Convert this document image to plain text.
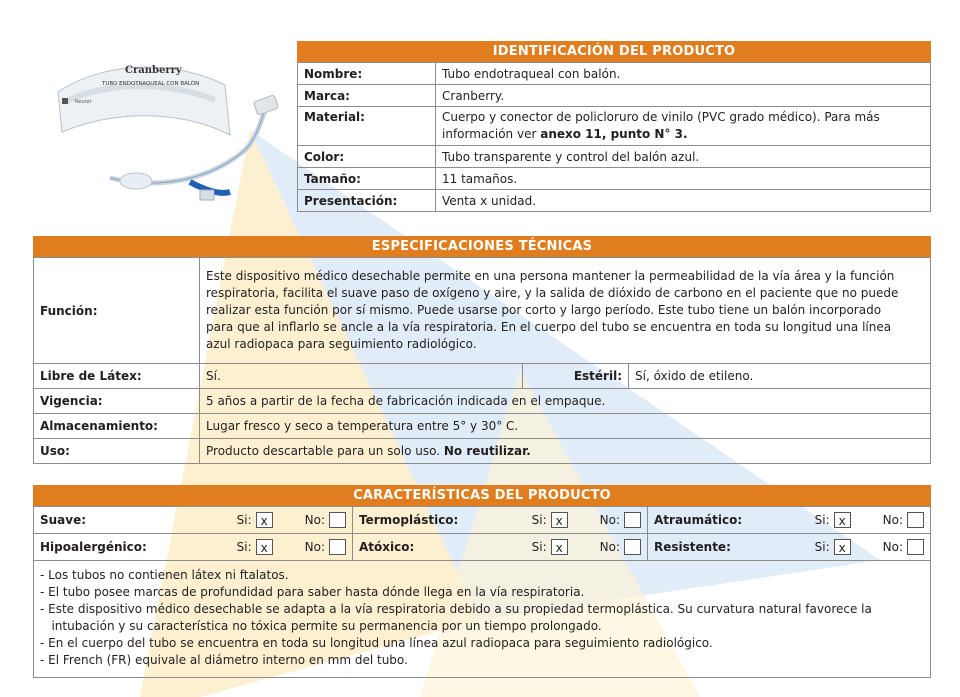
Cranberry
TUBO ENDOTRAQUEAL CON BALÓN
Reuter
IDENTIFICACIÓN DEL PRODUCTO
Nombre:	Tubo endotraqueal con balón.
Marca:	Cranberry.
Material:	Cuerpo y conector de policloruro de vinilo (PVC grado médico). Para más información ver anexo 11, punto N° 3.
Color:	Tubo transparente y control del balón azul.
Tamaño:	11 tamaños.
Presentación:	Venta x unidad.
ESPECIFICACIONES TÉCNICAS
Función:	Este dispositivo médico desechable permite en una persona mantener la permeabilidad de la vía área y la función
respiratoria, facilita el suave paso de oxígeno y aire, y la salida de dióxido de carbono en el paciente que no puede
realizar esta función por sí mismo. Puede usarse por corto y largo período. Este tubo tiene un balón incorporado
para que al inflarlo se ancle a la vía respiratoria. En el cuerpo del tubo se encuentra en toda su longitud una línea
azul radiopaca para seguimiento radiológico.		

Libre de Látex:	Sí.	Estéril:	Sí, óxido de etileno.
Vigencia:	5 años a partir de la fecha de fabricación indicada en el empaque.		
Almacenamiento:	Lugar fresco y seco a temperatura entre 5° y 30° C.		
Uso:	Producto descartable para un solo uso. No reutilizar.		
CARACTERÍSTICAS DEL PRODUCTO
Suave: Si: x No:	Termoplástico: Si: x No:	Atraumático: Si: x No:

Hipoalergénico: Si: x No:	Atóxico: Si: x No:	Resistente: Si: x No:
- Los tubos no contienen látex ni ftalatos.
- El tubo posee marcas de profundidad para saber hasta dónde llega en la vía respiratoria.
- Este dispositivo médico desechable se adapta a la vía respiratoria debido a su propiedad termoplástica. Su curvatura natural favorece la
intubación y su característica no tóxica permite su permanencia por un tiempo prolongado.
- En el cuerpo del tubo se encuentra en toda su longitud una línea azul radiopaca para seguimiento radiológico.
- El French (FR) equivale al diámetro interno en mm del tubo.
